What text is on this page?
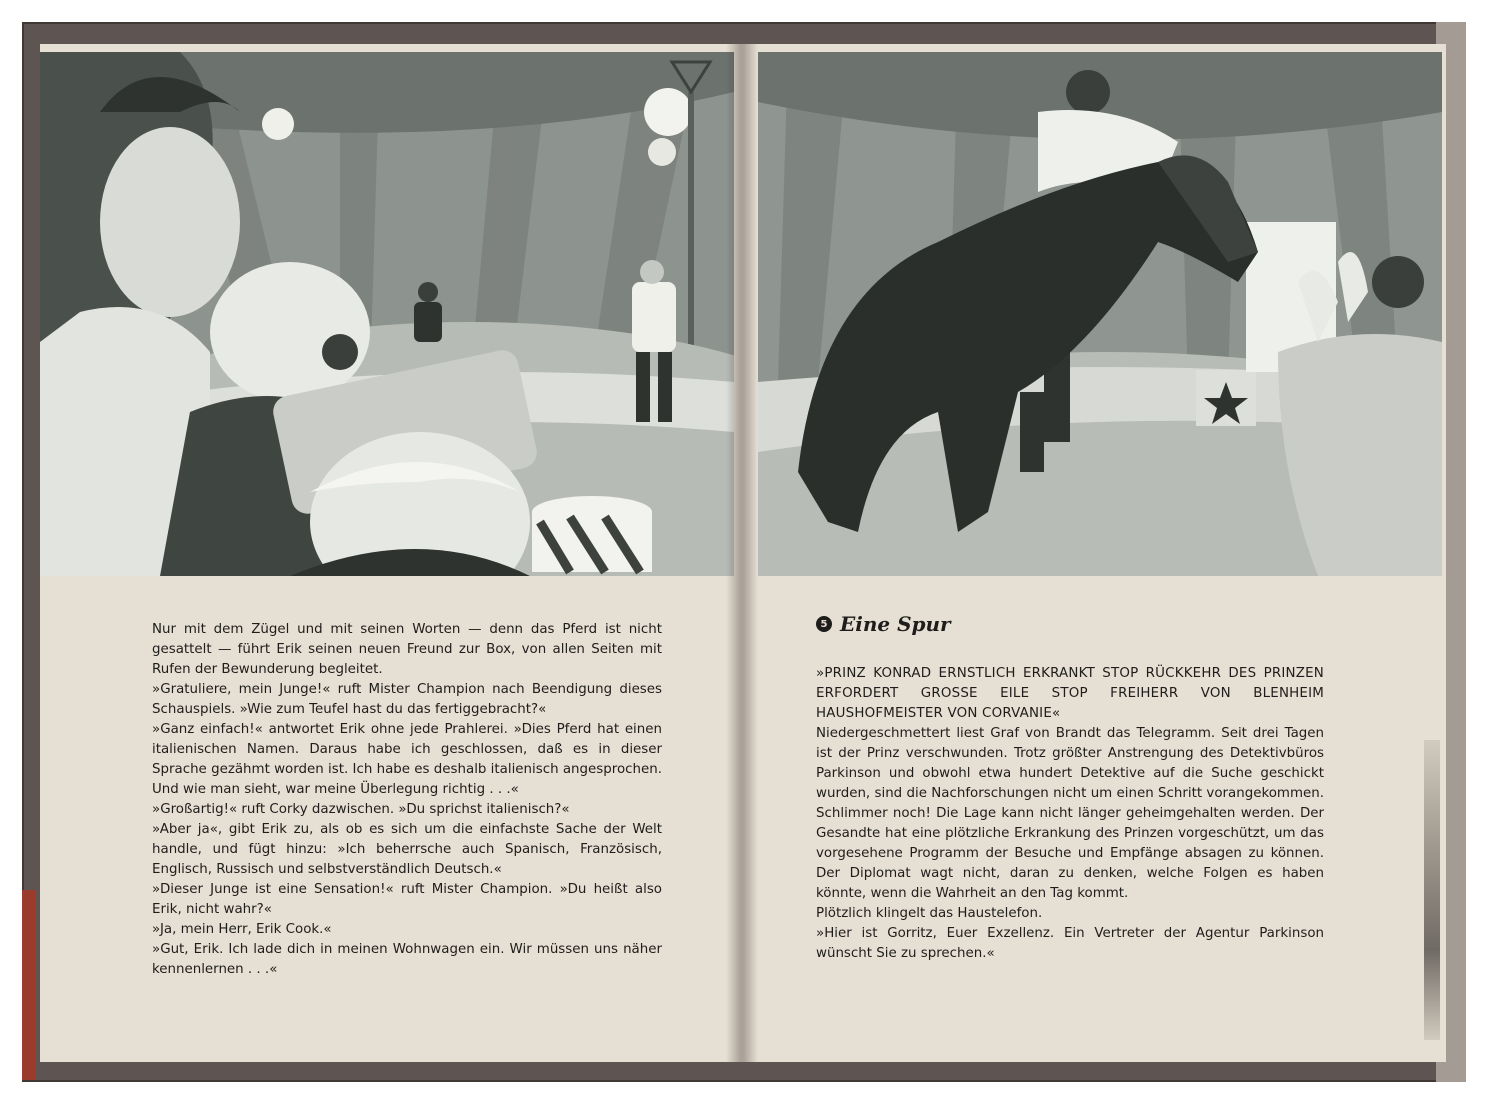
Nur mit dem Zügel und mit seinen Worten — denn das Pferd ist nicht gesattelt — führt Erik seinen neuen Freund zur Box, von allen Seiten mit Rufen der Bewunderung begleitet.

»Gratuliere, mein Junge!« ruft Mister Champion nach Beendigung dieses Schauspiels. »Wie zum Teufel hast du das fertiggebracht?«

»Ganz einfach!« antwortet Erik ohne jede Prahlerei. »Dies Pferd hat einen italienischen Namen. Daraus habe ich geschlossen, daß es in dieser Sprache gezähmt worden ist. Ich habe es deshalb italienisch angesprochen. Und wie man sieht, war meine Überlegung richtig . . .«

»Großartig!« ruft Corky dazwischen. »Du sprichst italienisch?«

»Aber ja«, gibt Erik zu, als ob es sich um die einfachste Sache der Welt handle, und fügt hinzu: »Ich beherrsche auch Spanisch, Französisch, Englisch, Russisch und selbstverständlich Deutsch.«

»Dieser Junge ist eine Sensation!« ruft Mister Champion. »Du heißt also Erik, nicht wahr?«

»Ja, mein Herr, Erik Cook.«

»Gut, Erik. Ich lade dich in meinen Wohnwagen ein. Wir müssen uns näher kennenlernen . . .«

5 Eine Spur

»PRINZ KONRAD ERNSTLICH ERKRANKT STOP RÜCKKEHR DES PRINZEN ERFORDERT GROSSE EILE STOP FREIHERR VON BLENHEIM HAUSHOFMEISTER VON CORVANIE«

Niedergeschmettert liest Graf von Brandt das Telegramm. Seit drei Tagen ist der Prinz verschwunden. Trotz größter Anstrengung des Detektivbüros Parkinson und obwohl etwa hundert Detektive auf die Suche geschickt wurden, sind die Nachforschungen nicht um einen Schritt vorangekommen. Schlimmer noch! Die Lage kann nicht länger geheimgehalten werden. Der Gesandte hat eine plötzliche Erkrankung des Prinzen vorgeschützt, um das vorgesehene Programm der Besuche und Empfänge absagen zu können. Der Diplomat wagt nicht, daran zu denken, welche Folgen es haben könnte, wenn die Wahrheit an den Tag kommt.

Plötzlich klingelt das Haustelefon.

»Hier ist Gorritz, Euer Exzellenz. Ein Vertreter der Agentur Parkinson wünscht Sie zu sprechen.«
